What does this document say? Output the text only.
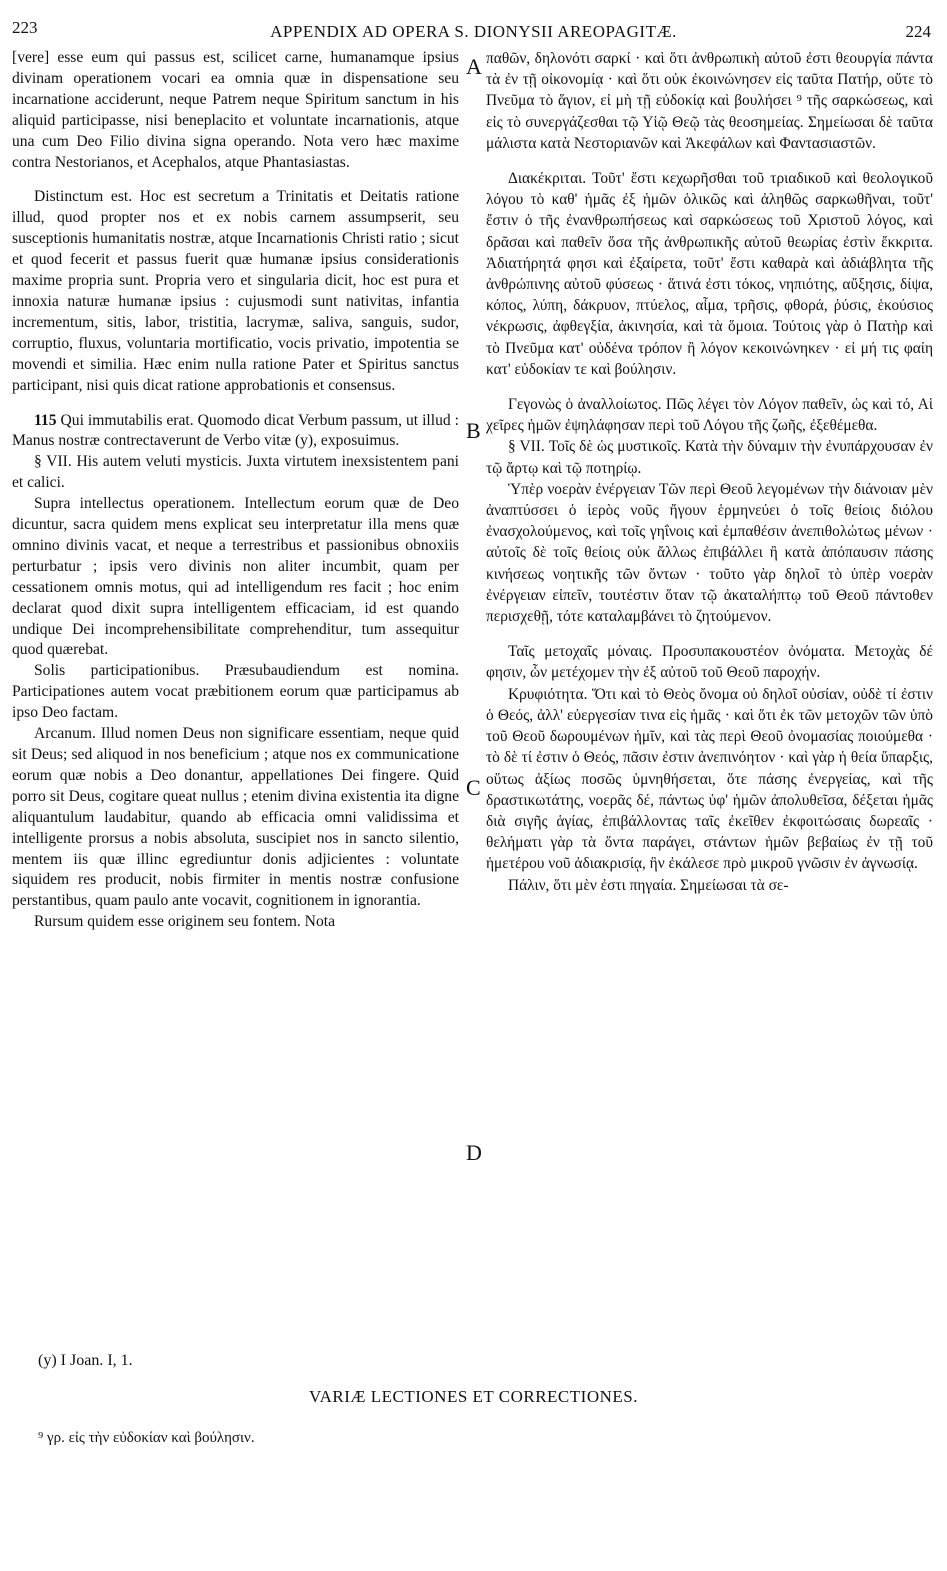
223	APPENDIX AD OPERA S. DIONYSII AREOPAGITÆ.	224

[vere] esse eum qui passus est, scilicet carne, humanamque ipsius divinam operationem vocari ea omnia quæ in dispensatione seu incarnatione acciderunt, neque Patrem neque Spiritum sanctum in his aliquid participasse, nisi beneplacito et voluntate incarnationis, atque una cum Deo Filio divina signa operando. Nota vero hæc maxime contra Nestorianos, et Acephalos, atque Phantasiastas.

Distinctum est. Hoc est secretum a Trinitatis et Deitatis ratione illud, quod propter nos et ex nobis carnem assumpserit, seu susceptionis humanitatis nostræ, atque Incarnationis Christi ratio ; sicut et quod fecerit et passus fuerit quæ humanæ ipsius considerationis maxime propria sunt. Propria vero et singularia dicit, hoc est pura et innoxia naturæ humanæ ipsius : cujusmodi sunt nativitas, infantia incrementum, sitis, labor, tristitia, lacrymæ, saliva, sanguis, sudor, corruptio, fluxus, voluntaria mortificatio, vocis privatio, impotentia se movendi et similia. Hæc enim nulla ratione Pater et Spiritus sanctus participant, nisi quis dicat ratione approbationis et consensus.

115 Qui immutabilis erat. Quomodo dicat Verbum passum, ut illud : Manus nostræ contrectaverunt de Verbo vitæ (y), exposuimus.

§ VII. His autem veluti mysticis. Juxta virtutem inexsistentem pani et calici.

Supra intellectus operationem. Intellectum eorum quæ de Deo dicuntur, sacra quidem mens explicat seu interpretatur illa mens quæ omnino divinis vacat, et neque a terrestribus et passionibus obnoxiis perturbatur ; ipsis vero divinis non aliter incumbit, quam per cessationem omnis motus, qui ad intelligendum res facit ; hoc enim declarat quod dixit supra intelligentem efficaciam, id est quando undique Dei incomprehensibilitate comprehenditur, tum assequitur quod quærebat.

Solis participationibus. Præsubaudiendum est nomina. Participationes autem vocat præbitionem eorum quæ participamus ab ipso Deo factam.

Arcanum. Illud nomen Deus non significare essentiam, neque quid sit Deus; sed aliquod in nos beneficium ; atque nos ex communicatione eorum quæ nobis a Deo donantur, appellationes Dei fingere. Quid porro sit Deus, cogitare queat nullus ; etenim divina existentia ita digne aliquantulum laudabitur, quando ab efficacia omni validissima et intelligente prorsus a nobis absoluta, suscipiet nos in sancto silentio, mentem iis quæ illinc egrediuntur donis adjicientes : voluntate siquidem res producit, nobis firmiter in mentis nostræ confusione perstantibus, quam paulo ante vocavit, cognitionem in ignorantia.

Rursum quidem esse originem seu fontem. Nota

A
B
C
D

παθῶν, δηλονότι σαρκί · καὶ ὅτι ἀνθρωπικὴ αὐτοῦ ἐστι θεουργία πάντα τὰ ἐν τῇ οἰκονομίᾳ · καὶ ὅτι οὐκ ἐκοινώνησεν εἰς ταῦτα Πατήρ, οὔτε τὸ Πνεῦμα τὸ ἅγιον, εἰ μὴ τῇ εὐδοκίᾳ καὶ βουλήσει ⁹ τῆς σαρκώσεως, καὶ εἰς τὸ συνεργάζεσθαι τῷ Υἱῷ Θεῷ τὰς θεοσημείας. Σημείωσαι δὲ ταῦτα μάλιστα κατὰ Νεστοριανῶν καὶ Ἀκεφάλων καὶ Φαντασιαστῶν.

Διακέκριται. Τοῦτ' ἔστι κεχωρῆσθαι τοῦ τριαδικοῦ καὶ θεολογικοῦ λόγου τὸ καθ' ἡμᾶς ἐξ ἡμῶν ὁλικῶς καὶ ἀληθῶς σαρκωθῆναι, τοῦτ' ἔστιν ὁ τῆς ἐνανθρωπήσεως καὶ σαρκώσεως τοῦ Χριστοῦ λόγος, καὶ δρᾶσαι καὶ παθεῖν ὅσα τῆς ἀνθρωπικῆς αὐτοῦ θεωρίας ἐστὶν ἔκκριτα. Ἀδιατήρητά φησι καὶ ἐξαίρετα, τοῦτ' ἔστι καθαρὰ καὶ ἀδιάβλητα τῆς ἀνθρώπινης αὐτοῦ φύσεως · ἅτινά ἐστι τόκος, νηπιότης, αὔξησις, δίψα, κόπος, λύπη, δάκρυον, πτύελος, αἷμα, τρῆσις, φθορά, ῥύσις, ἑκούσιος νέκρωσις, ἀφθεγξία, ἀκινησία, καὶ τὰ ὅμοια. Τούτοις γὰρ ὁ Πατὴρ καὶ τὸ Πνεῦμα κατ' οὐδένα τρόπον ἢ λόγον κεκοινώνηκεν · εἰ μή τις φαίη κατ' εὐδοκίαν τε καὶ βούλησιν.

Γεγονὼς ὁ ἀναλλοίωτος. Πῶς λέγει τὸν Λόγον παθεῖν, ὡς καὶ τό, Αἱ χεῖρες ἡμῶν ἐψηλάφησαν περὶ τοῦ Λόγου τῆς ζωῆς, ἐξεθέμεθα.

§ VII. Τοῖς δὲ ὡς μυστικοῖς. Κατὰ τὴν δύναμιν τὴν ἐνυπάρχουσαν ἐν τῷ ἄρτῳ καὶ τῷ ποτηρίῳ.

Ὑπὲρ νοερὰν ἐνέργειαν Τῶν περὶ Θεοῦ λεγομένων τὴν διάνοιαν μὲν ἀναπτύσσει ὁ ἱερὸς νοῦς ἤγουν ἑρμηνεύει ὁ τοῖς θείοις διόλου ἐνασχολούμενος, καὶ τοῖς γηΐνοις καὶ ἐμπαθέσιν ἀνεπιθολώτως μένων · αὐτοῖς δὲ τοῖς θείοις οὐκ ἄλλως ἐπιβάλλει ἢ κατὰ ἀπόπαυσιν πάσης κινήσεως νοητικῆς τῶν ὄντων · τοῦτο γὰρ δηλοῖ τὸ ὑπὲρ νοερὰν ἐνέργειαν εἰπεῖν, τουτέστιν ὅταν τῷ ἀκαταλήπτῳ τοῦ Θεοῦ πάντοθεν περισχεθῇ, τότε καταλαμβάνει τὸ ζητούμενον.

Ταῖς μετοχαῖς μόναις. Προσυπακουστέον ὀνόματα. Μετοχὰς δέ φησιν, ὧν μετέχομεν τὴν ἐξ αὐτοῦ τοῦ Θεοῦ παροχήν.

Κρυφιότητα. Ὅτι καὶ τὸ Θεὸς ὄνομα οὐ δηλοῖ οὐσίαν, οὐδὲ τί ἐστιν ὁ Θεός, ἀλλ' εὐεργεσίαν τινα εἰς ἡμᾶς · καὶ ὅτι ἐκ τῶν μετοχῶν τῶν ὑπὸ τοῦ Θεοῦ δωρουμένων ἡμῖν, καὶ τὰς περὶ Θεοῦ ὀνομασίας ποιούμεθα · τὸ δὲ τί ἐστιν ὁ Θεός, πᾶσιν ἐστιν ἀνεπινόητον · καὶ γὰρ ἡ θεία ὕπαρξις, οὕτως ἀξίως ποσῶς ὑμνηθήσεται, ὅτε πάσης ἐνεργείας, καὶ τῆς δραστικωτάτης, νοερᾶς δέ, πάντως ὑφ' ἡμῶν ἀπολυθεῖσα, δέξεται ἡμᾶς διὰ σιγῆς ἁγίας, ἐπιβάλλοντας ταῖς ἐκεῖθεν ἐκφοιτώσαις δωρεαῖς · θελήματι γὰρ τὰ ὄντα παράγει, στάντων ἡμῶν βεβαίως ἐν τῇ τοῦ ἡμετέρου νοῦ ἀδιακρισίᾳ, ἣν ἐκάλεσε πρὸ μικροῦ γνῶσιν ἐν ἀγνωσίᾳ.

Πάλιν, ὅτι μὲν ἐστι πηγαία. Σημείωσαι τὰ σε-

(y) I Joan. I, 1.
VARIÆ LECTIONES ET CORRECTIONES.
⁹ γρ. εἰς τὴν εὐδοκίαν καὶ βούλησιν.
